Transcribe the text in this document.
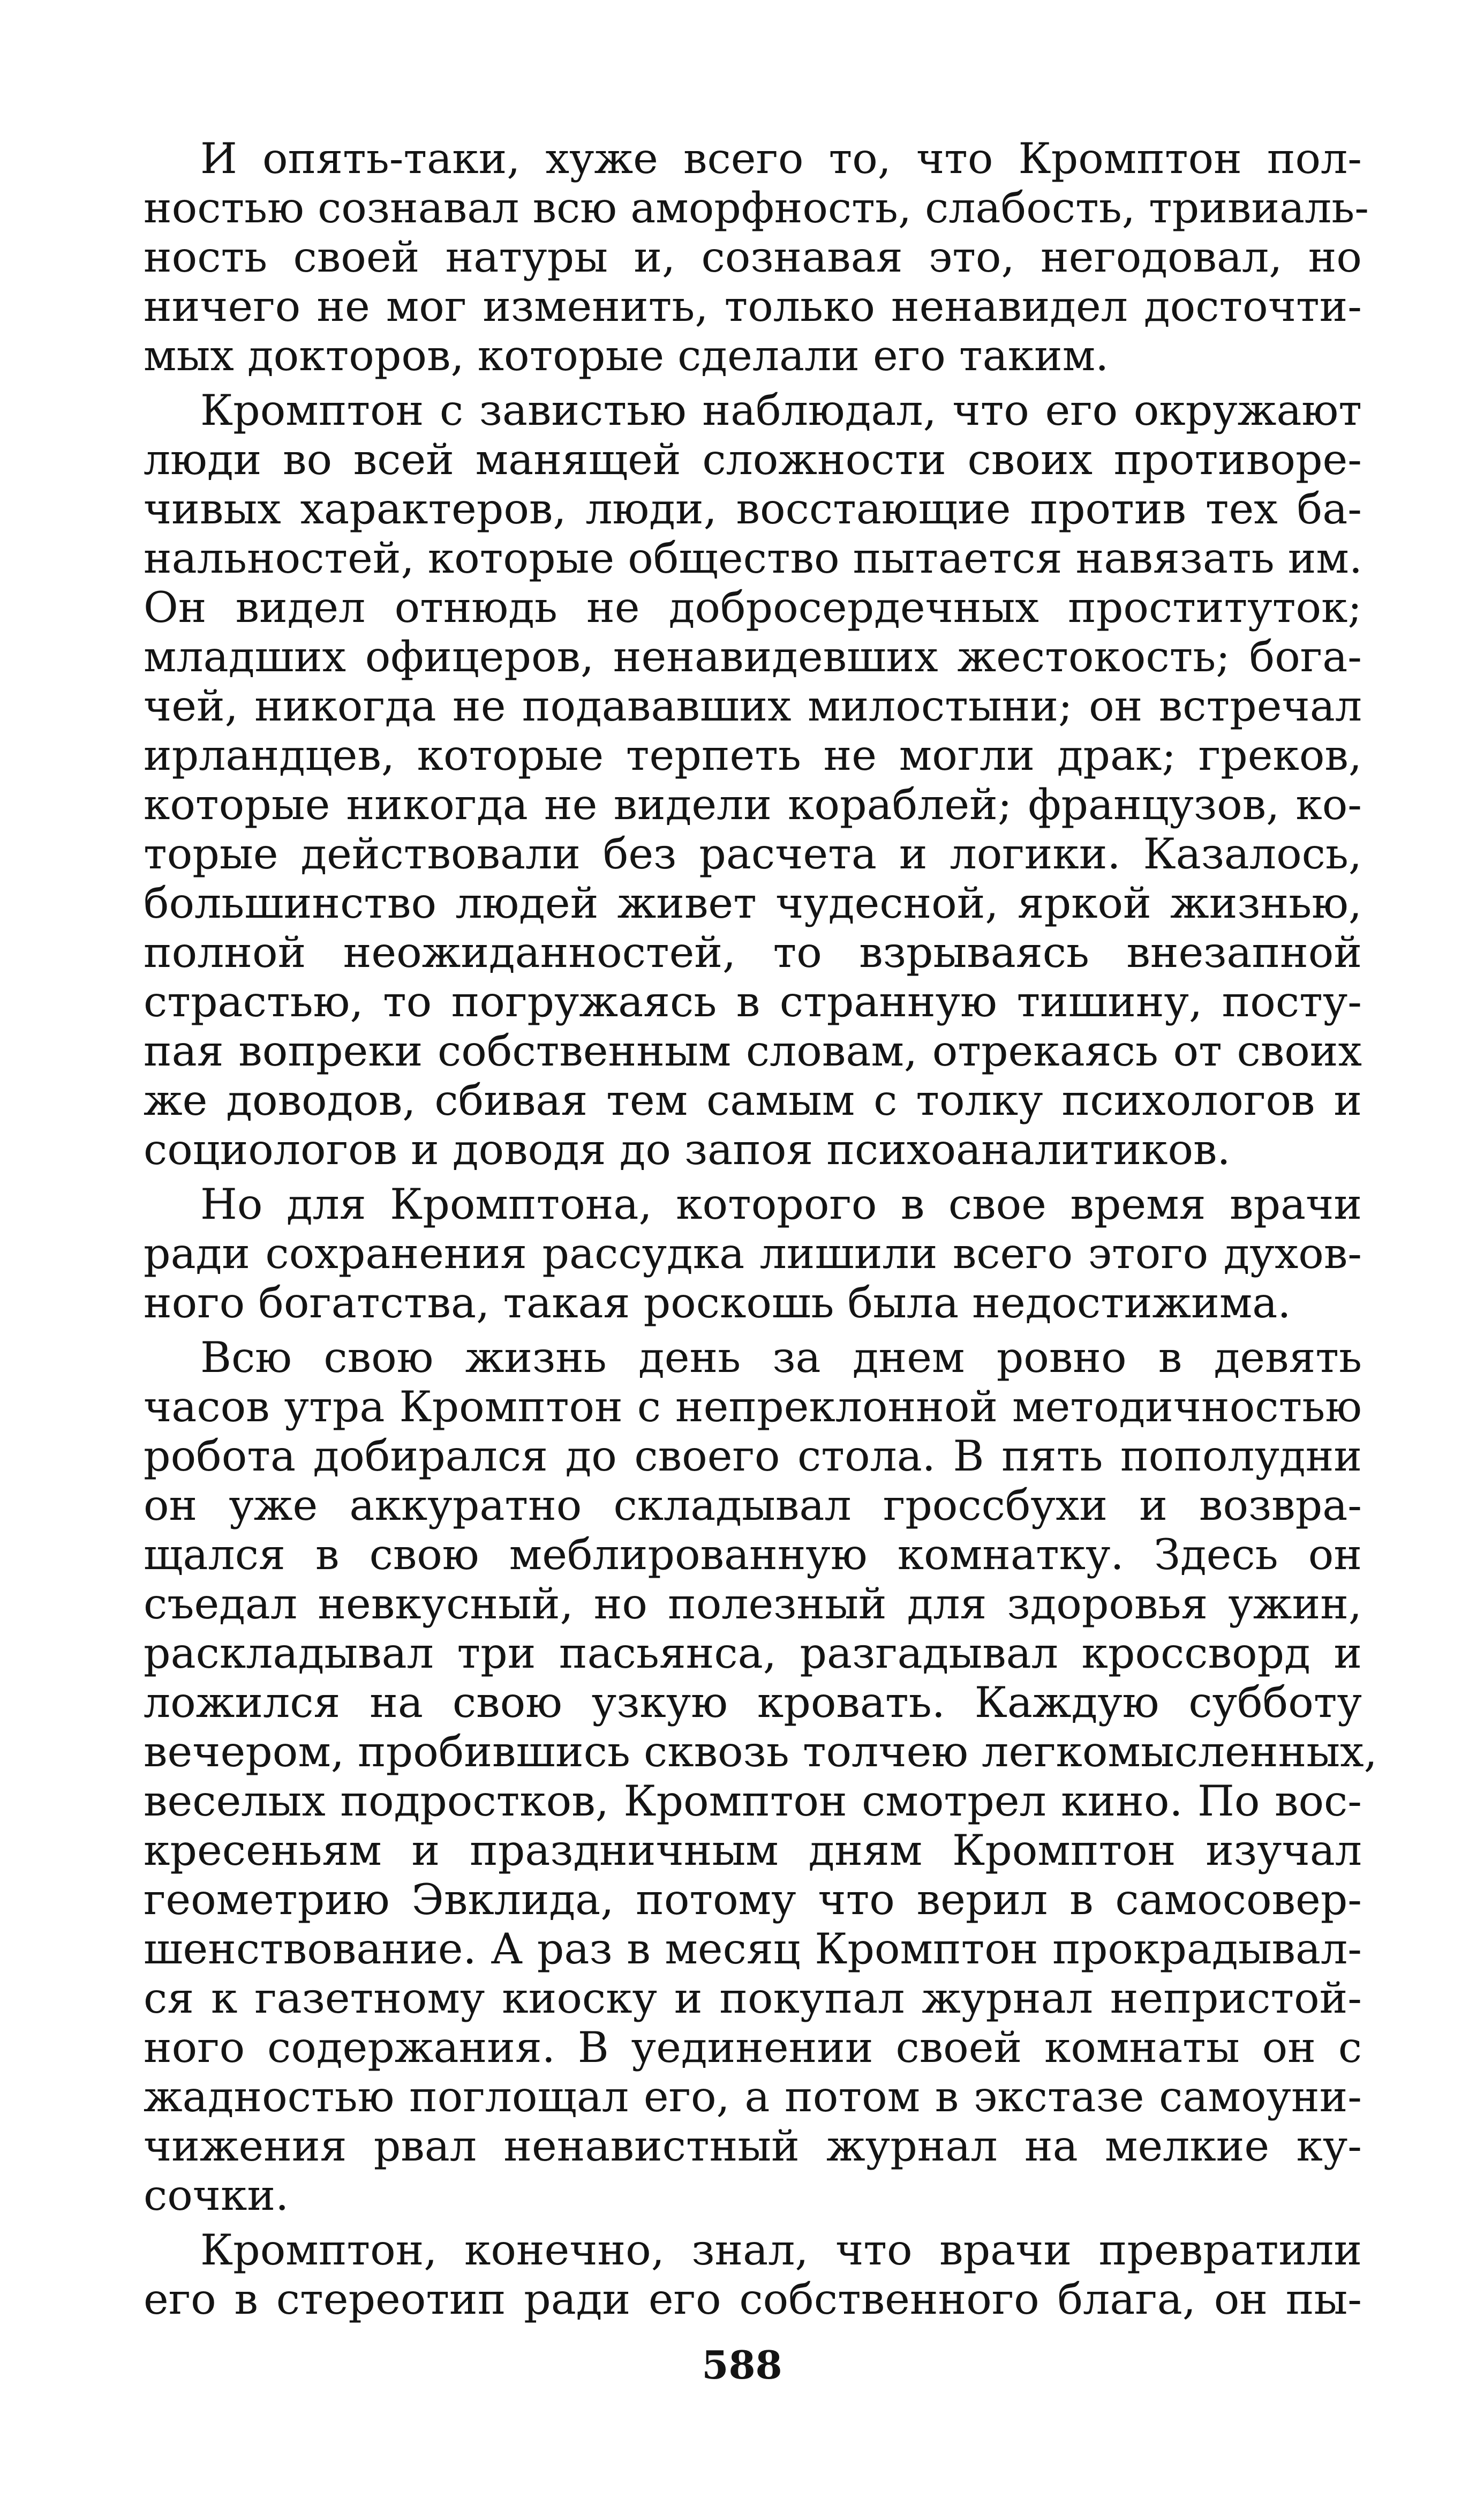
И опять-таки, хуже всего то, что Кромптон пол-
ностью сознавал всю аморфность, слабость, тривиаль-
ность своей натуры и, сознавая это, негодовал, но
ничего не мог изменить, только ненавидел досточти-
мых докторов, которые сделали его таким.
Кромптон с завистью наблюдал, что его окружают
люди во всей манящей сложности своих противоре-
чивых характеров, люди, восстающие против тех ба-
нальностей, которые общество пытается навязать им.
Он видел отнюдь не добросердечных проституток;
младших офицеров, ненавидевших жестокость; бога-
чей, никогда не подававших милостыни; он встречал
ирландцев, которые терпеть не могли драк; греков,
которые никогда не видели кораблей; французов, ко-
торые действовали без расчета и логики. Казалось,
большинство людей живет чудесной, яркой жизнью,
полной неожиданностей, то взрываясь внезапной
страстью, то погружаясь в странную тишину, посту-
пая вопреки собственным словам, отрекаясь от своих
же доводов, сбивая тем самым с толку психологов и
социологов и доводя до запоя психоаналитиков.
Но для Кромптона, которого в свое время врачи
ради сохранения рассудка лишили всего этого духов-
ного богатства, такая роскошь была недостижима.
Всю свою жизнь день за днем ровно в девять
часов утра Кромптон с непреклонной методичностью
робота добирался до своего стола. В пять пополудни
он уже аккуратно складывал гроссбухи и возвра-
щался в свою меблированную комнатку. Здесь он
съедал невкусный, но полезный для здоровья ужин,
раскладывал три пасьянса, разгадывал кроссворд и
ложился на свою узкую кровать. Каждую субботу
вечером, пробившись сквозь толчею легкомысленных,
веселых подростков, Кромптон смотрел кино. По вос-
кресеньям и праздничным дням Кромптон изучал
геометрию Эвклида, потому что верил в самосовер-
шенствование. А раз в месяц Кромптон прокрадывал-
ся к газетному киоску и покупал журнал непристой-
ного содержания. В уединении своей комнаты он с
жадностью поглощал его, а потом в экстазе самоуни-
чижения рвал ненавистный журнал на мелкие ку-
сочки.
Кромптон, конечно, знал, что врачи превратили
его в стереотип ради его собственного блага, он пы-
588
